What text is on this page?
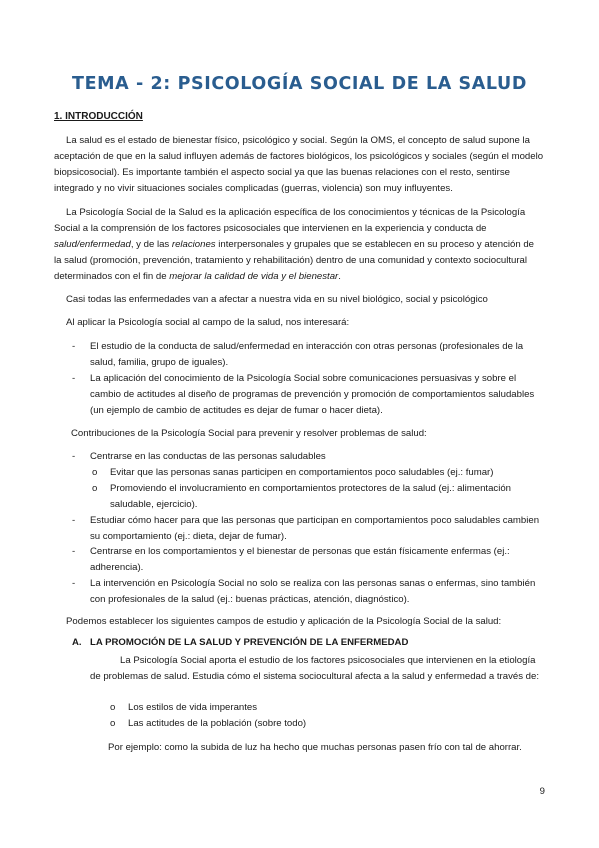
TEMA - 2: PSICOLOGÍA SOCIAL DE LA SALUD
1. INTRODUCCIÓN

La salud es el estado de bienestar físico, psicológico y social. Según la OMS, el concepto de salud supone la aceptación de que en la salud influyen además de factores biológicos, los psicológicos y sociales (según el modelo biopsicosocial). Es importante también el aspecto social ya que las buenas relaciones con el resto, sentirse integrado y no vivir situaciones sociales complicadas (guerras, violencia) son muy influyentes.

La Psicología Social de la Salud es la aplicación específica de los conocimientos y técnicas de la Psicología Social a la comprensión de los factores psicosociales que intervienen en la experiencia y conducta de salud/enfermedad, y de las relaciones interpersonales y grupales que se establecen en su proceso y atención de la salud (promoción, prevención, tratamiento y rehabilitación) dentro de una comunidad y contexto sociocultural determinados con el fin de mejorar la calidad de vida y el bienestar.

Casi todas las enfermedades van a afectar a nuestra vida en su nivel biológico, social y psicológico

Al aplicar la Psicología social al campo de la salud, nos interesará:

- El estudio de la conducta de salud/enfermedad en interacción con otras personas (profesionales de la salud, familia, grupo de iguales).
- La aplicación del conocimiento de la Psicología Social sobre comunicaciones persuasivas y sobre el cambio de actitudes al diseño de programas de prevención y promoción de comportamientos saludables (un ejemplo de cambio de actitudes es dejar de fumar o hacer dieta).

Contribuciones de la Psicología Social para prevenir y resolver problemas de salud:

- Centrarse en las conductas de las personas saludables
o Evitar que las personas sanas participen en comportamientos poco saludables (ej.: fumar)
o Promoviendo el involucramiento en comportamientos protectores de la salud (ej.: alimentación saludable, ejercicio).
- Estudiar cómo hacer para que las personas que participan en comportamientos poco saludables cambien su comportamiento (ej.: dieta, dejar de fumar).
- Centrarse en los comportamientos y el bienestar de personas que están físicamente enfermas (ej.: adherencia).
- La intervención en Psicología Social no solo se realiza con las personas sanas o enfermas, sino también con profesionales de la salud (ej.: buenas prácticas, atención, diagnóstico).

Podemos establecer los siguientes campos de estudio y aplicación de la Psicología Social de la salud:

A. LA PROMOCIÓN DE LA SALUD Y PREVENCIÓN DE LA ENFERMEDAD

La Psicología Social aporta el estudio de los factores psicosociales que intervienen en la etiología de problemas de salud. Estudia cómo el sistema sociocultural afecta a la salud y enfermedad a través de:

o Los estilos de vida imperantes
o Las actitudes de la población (sobre todo)

Por ejemplo: como la subida de luz ha hecho que muchas personas pasen frío con tal de ahorrar.

9
